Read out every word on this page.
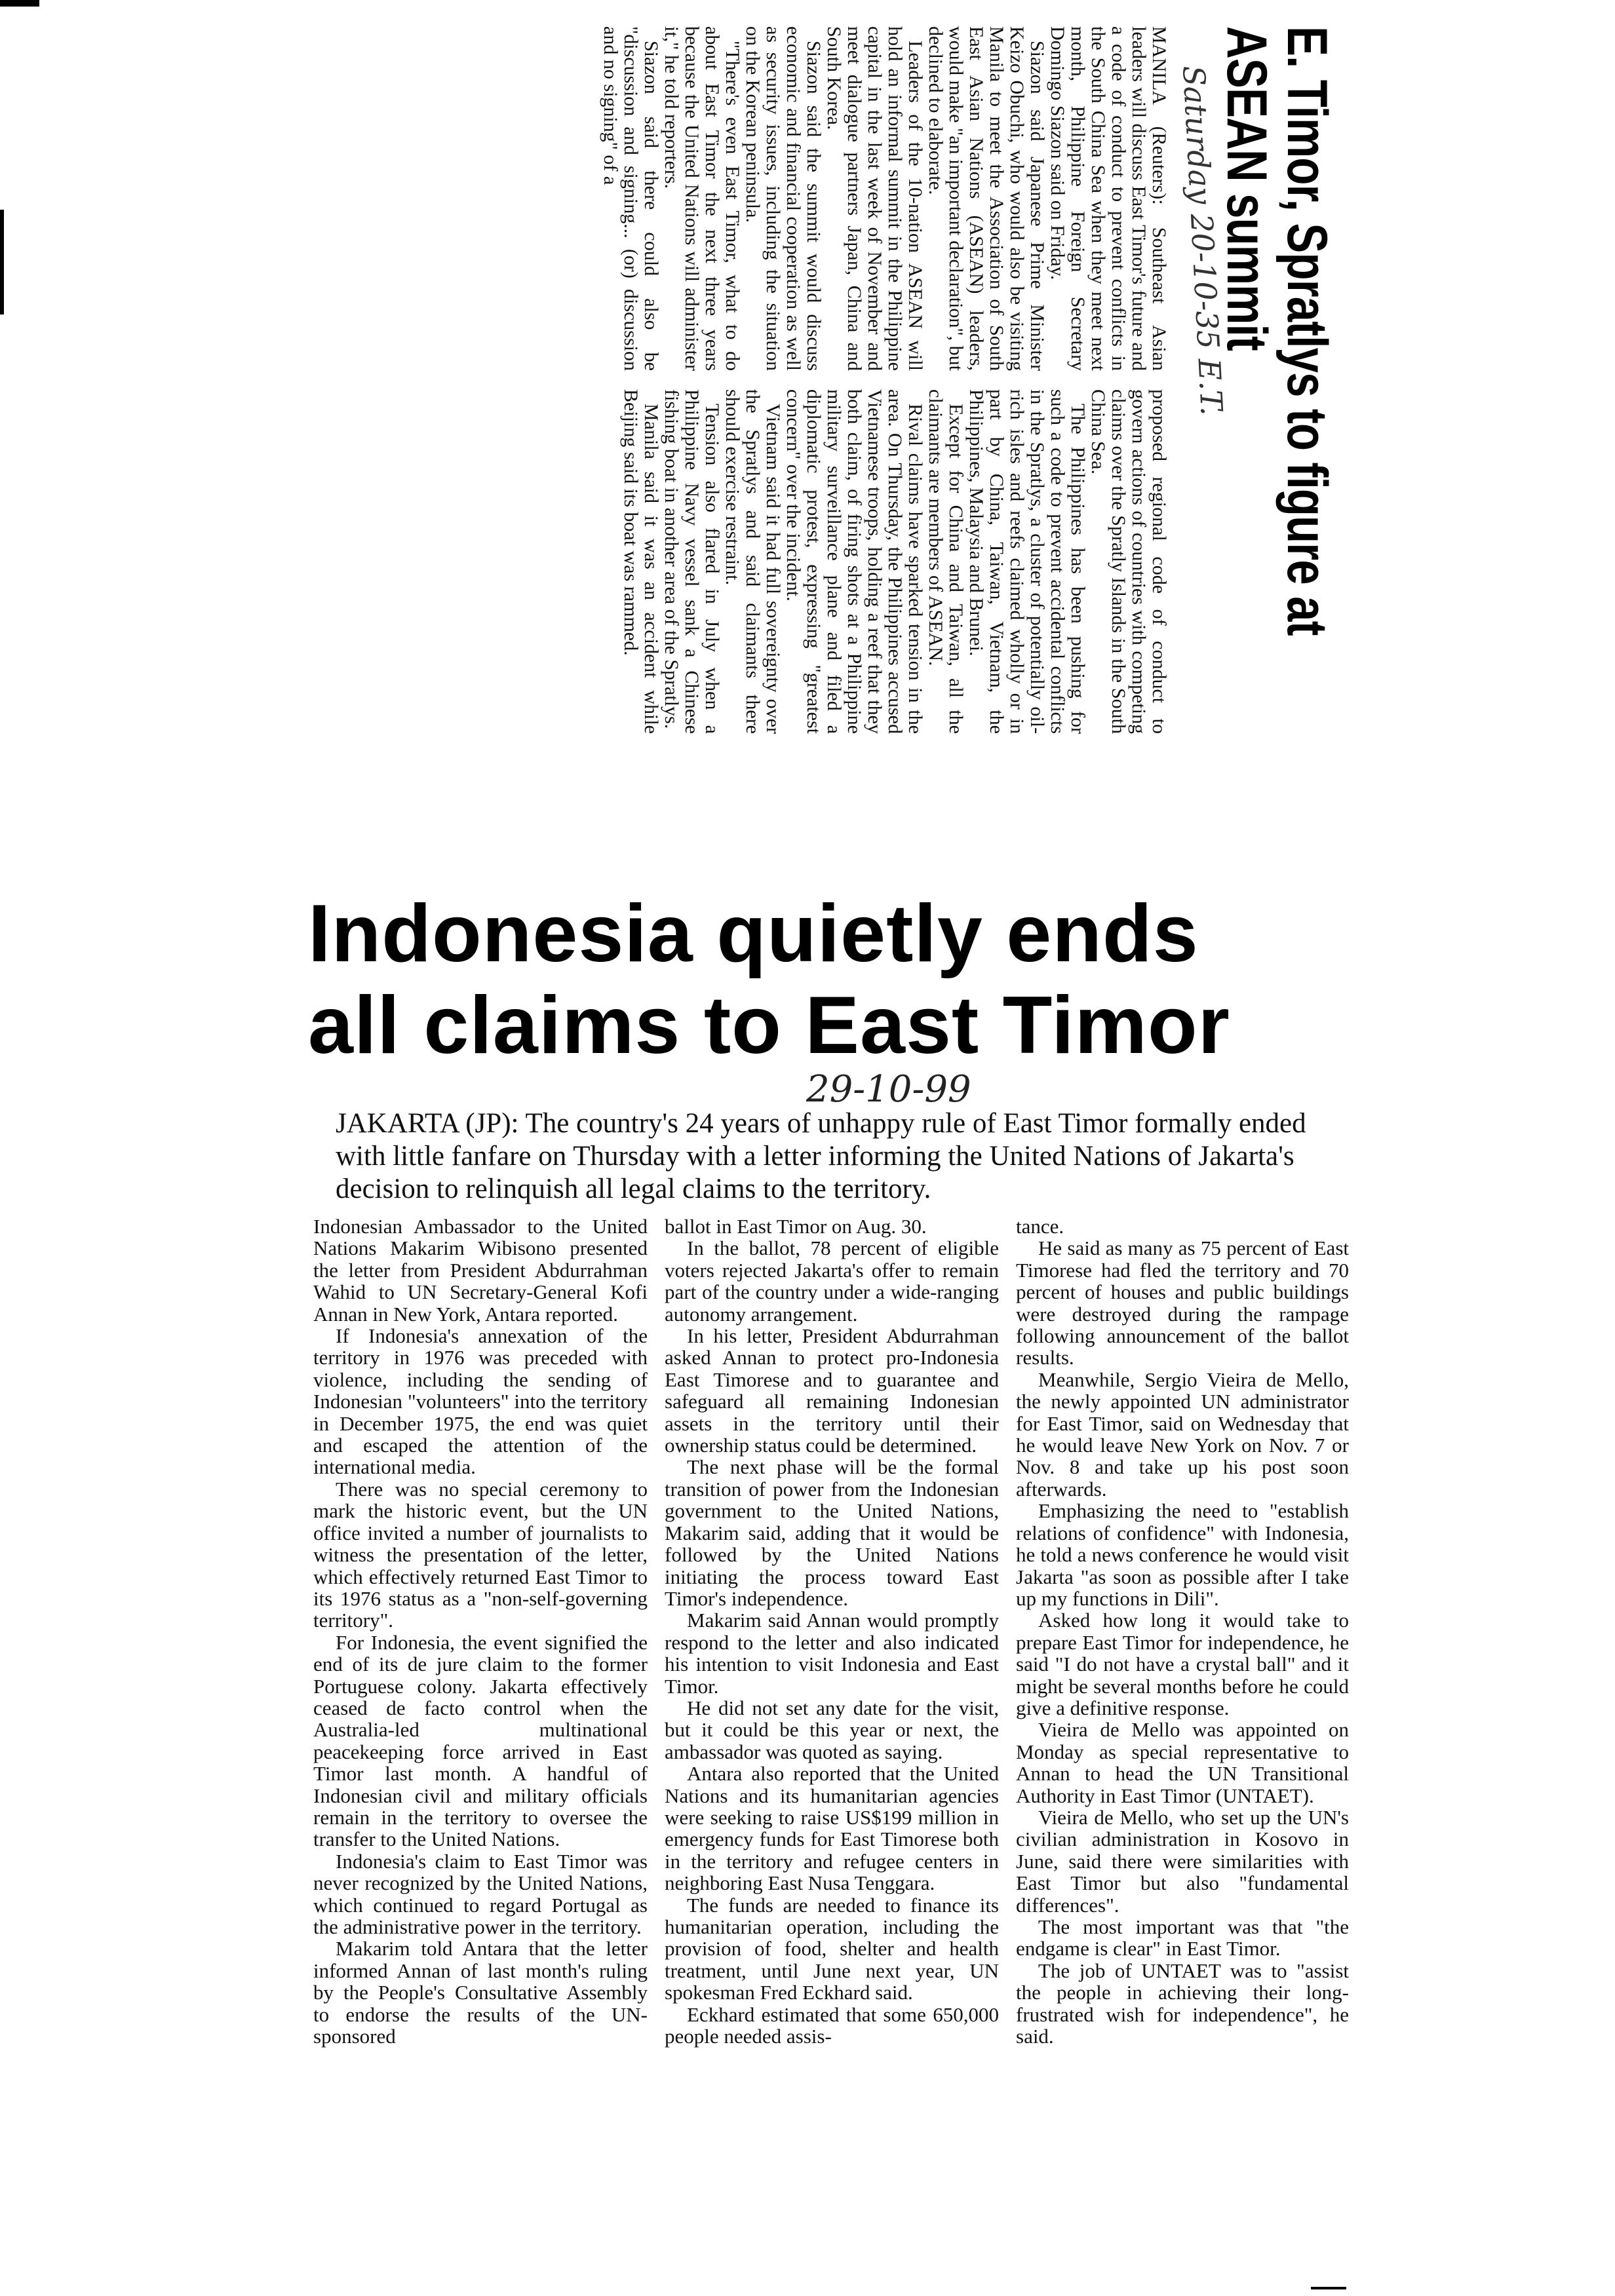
E. Timor, Spratlys to figure at ASEAN summit
Saturday 20-10-35 E.T.

MANILA (Reuters): Southeast Asian leaders will discuss East Timor's future and a code of conduct to prevent conflicts in the South China Sea when they meet next month, Philippine Foreign Secretary Domingo Siazon said on Friday.

Siazon said Japanese Prime Minister Keizo Obuchi, who would also be visiting Manila to meet the Association of South East Asian Nations (ASEAN) leaders, would make "an important declaration", but declined to elaborate.

Leaders of the 10-nation ASEAN will hold an informal summit in the Philippine capital in the last week of November and meet dialogue partners Japan, China and South Korea.

Siazon said the summit would discuss economic and financial cooperation as well as security issues, including the situation on the Korean peninsula.

"There's even East Timor, what to do about East Timor the next three years because the United Nations will administer it," he told reporters.

Siazon said there could also be "discussion and signing... (or) discussion and no signing" of a

proposed regional code of conduct to govern actions of countries with competing claims over the Spratly Islands in the South China Sea.

The Philippines has been pushing for such a code to prevent accidental conflicts in the Spratlys, a cluster of potentially oil-rich isles and reefs claimed wholly or in part by China, Taiwan, Vietnam, the Philippines, Malaysia and Brunei.

Except for China and Taiwan, all the claimants are members of ASEAN.

Rival claims have sparked tension in the area. On Thursday, the Philippines accused Vietnamese troops, holding a reef that they both claim, of firing shots at a Philippine military surveillance plane and filed a diplomatic protest, expressing "greatest concern" over the incident.

Vietnam said it had full sovereignty over the Spratlys and said claimants there should exercise restraint.

Tension also flared in July when a Philippine Navy vessel sank a Chinese fishing boat in another area of the Spratlys.

Manila said it was an accident while Beijing said its boat was rammed.

Indonesia quietly ends
all claims to East Timor
29-10-99
JAKARTA (JP): The country's 24 years of unhappy rule of East Timor formally ended with little fanfare on Thursday with a letter informing the United Nations of Jakarta's decision to relinquish all legal claims to the territory.

Indonesian Ambassador to the United Nations Makarim Wibisono presented the letter from President Abdurrahman Wahid to UN Secretary-General Kofi Annan in New York, Antara reported.

If Indonesia's annexation of the territory in 1976 was preceded with violence, including the sending of Indonesian "volunteers" into the territory in December 1975, the end was quiet and escaped the attention of the international media.

There was no special ceremony to mark the historic event, but the UN office invited a number of journalists to witness the presentation of the letter, which effectively returned East Timor to its 1976 status as a "non-self-governing territory".

For Indonesia, the event signified the end of its de jure claim to the former Portuguese colony. Jakarta effectively ceased de facto control when the Australia-led multinational peacekeeping force arrived in East Timor last month. A handful of Indonesian civil and military officials remain in the territory to oversee the transfer to the United Nations.

Indonesia's claim to East Timor was never recognized by the United Nations, which continued to regard Portugal as the administrative power in the territory.

Makarim told Antara that the letter informed Annan of last month's ruling by the People's Consultative Assembly to endorse the results of the UN-sponsored

ballot in East Timor on Aug. 30.

In the ballot, 78 percent of eligible voters rejected Jakarta's offer to remain part of the country under a wide-ranging autonomy arrangement.

In his letter, President Abdurrahman asked Annan to protect pro-Indonesia East Timorese and to guarantee and safeguard all remaining Indonesian assets in the territory until their ownership status could be determined.

The next phase will be the formal transition of power from the Indonesian government to the United Nations, Makarim said, adding that it would be followed by the United Nations initiating the process toward East Timor's independence.

Makarim said Annan would promptly respond to the letter and also indicated his intention to visit Indonesia and East Timor.

He did not set any date for the visit, but it could be this year or next, the ambassador was quoted as saying.

Antara also reported that the United Nations and its humanitarian agencies were seeking to raise US$199 million in emergency funds for East Timorese both in the territory and refugee centers in neighboring East Nusa Tenggara.

The funds are needed to finance its humanitarian operation, including the provision of food, shelter and health treatment, until June next year, UN spokesman Fred Eckhard said.

Eckhard estimated that some 650,000 people needed assis-

tance.

He said as many as 75 percent of East Timorese had fled the territory and 70 percent of houses and public buildings were destroyed during the rampage following announcement of the ballot results.

Meanwhile, Sergio Vieira de Mello, the newly appointed UN administrator for East Timor, said on Wednesday that he would leave New York on Nov. 7 or Nov. 8 and take up his post soon afterwards.

Emphasizing the need to "establish relations of confidence" with Indonesia, he told a news conference he would visit Jakarta "as soon as possible after I take up my functions in Dili".

Asked how long it would take to prepare East Timor for independence, he said "I do not have a crystal ball" and it might be several months before he could give a definitive response.

Vieira de Mello was appointed on Monday as special representative to Annan to head the UN Transitional Authority in East Timor (UNTAET).

Vieira de Mello, who set up the UN's civilian administration in Kosovo in June, said there were similarities with East Timor but also "fundamental differences".

The most important was that "the endgame is clear" in East Timor.

The job of UNTAET was to "assist the people in achieving their long-frustrated wish for independence", he said.
